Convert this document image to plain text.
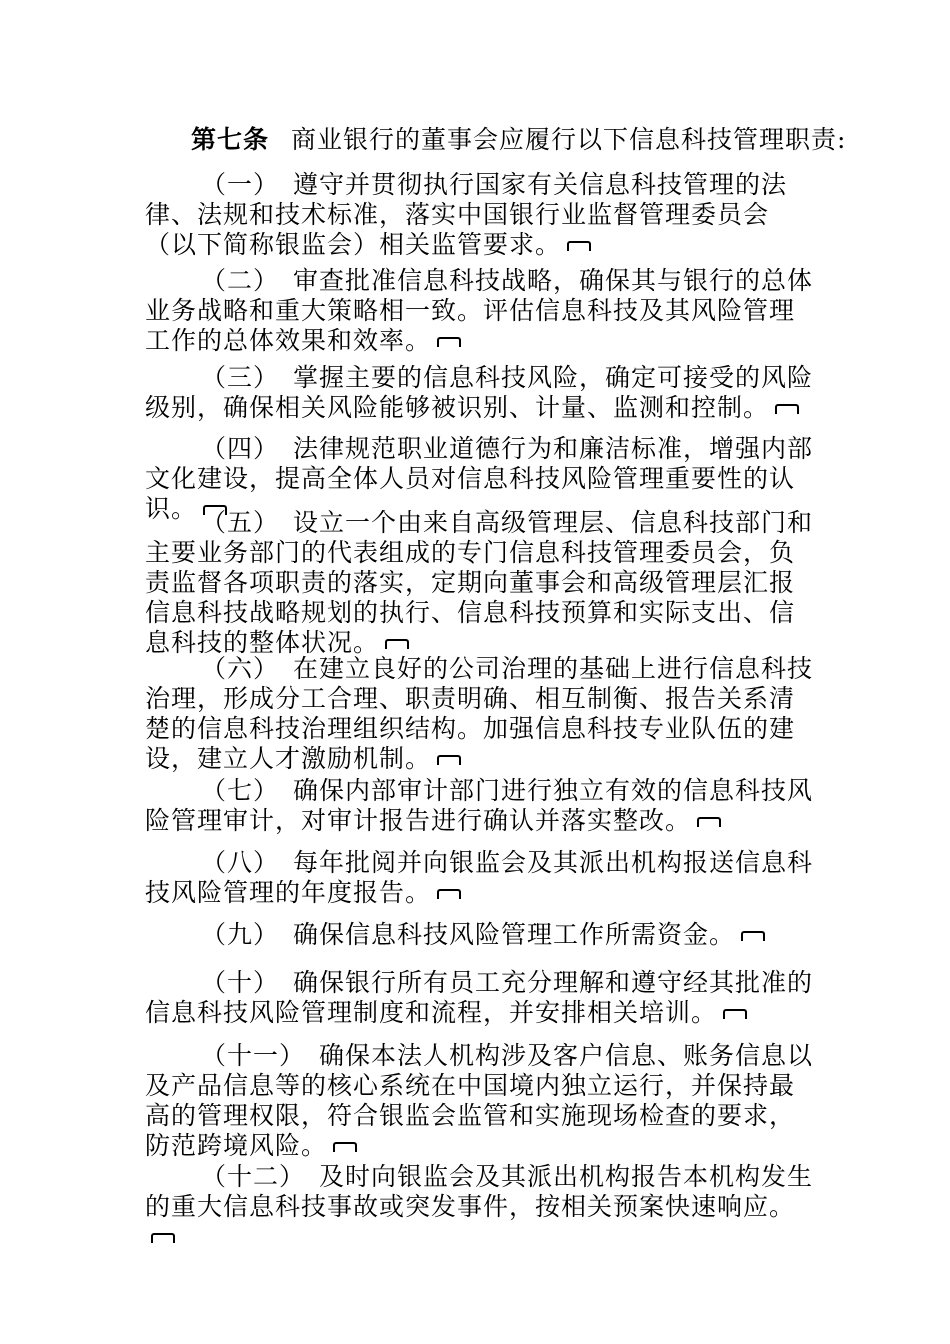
第七条 商业银行的董事会应履行以下信息科技管理职责:

（一） 遵守并贯彻执行国家有关信息科技管理的法律、法规和技术标准，落实中国银行业监督管理委员会（以下简称银监会）相关监管要求。

（二） 审查批准信息科技战略，确保其与银行的总体业务战略和重大策略相一致。评估信息科技及其风险管理工作的总体效果和效率。

（三） 掌握主要的信息科技风险，确定可接受的风险级别，确保相关风险能够被识别、计量、监测和控制。

（四） 法律规范职业道德行为和廉洁标准，增强内部文化建设，提高全体人员对信息科技风险管理重要性的认识。 （五） 设立一个由来自高级管理层、信息科技部门和主要业务部门的代表组成的专门信息科技管理委员会，负责监督各项职责的落实，定期向董事会和高级管理层汇报信息科技战略规划的执行、信息科技预算和实际支出、信息科技的整体状况。

（六） 在建立良好的公司治理的基础上进行信息科技治理，形成分工合理、职责明确、相互制衡、报告关系清楚的信息科技治理组织结构。加强信息科技专业队伍的建设，建立人才激励机制。

（七） 确保内部审计部门进行独立有效的信息科技风险管理审计，对审计报告进行确认并落实整改。

（八） 每年批阅并向银监会及其派出机构报送信息科技风险管理的年度报告。

（九） 确保信息科技风险管理工作所需资金。

（十） 确保银行所有员工充分理解和遵守经其批准的信息科技风险管理制度和流程，并安排相关培训。

（十一） 确保本法人机构涉及客户信息、账务信息以及产品信息等的核心系统在中国境内独立运行，并保持最高的管理权限，符合银监会监管和实施现场检查的要求，防范跨境风险。

（十二） 及时向银监会及其派出机构报告本机构发生的重大信息科技事故或突发事件，按相关预案快速响应。
